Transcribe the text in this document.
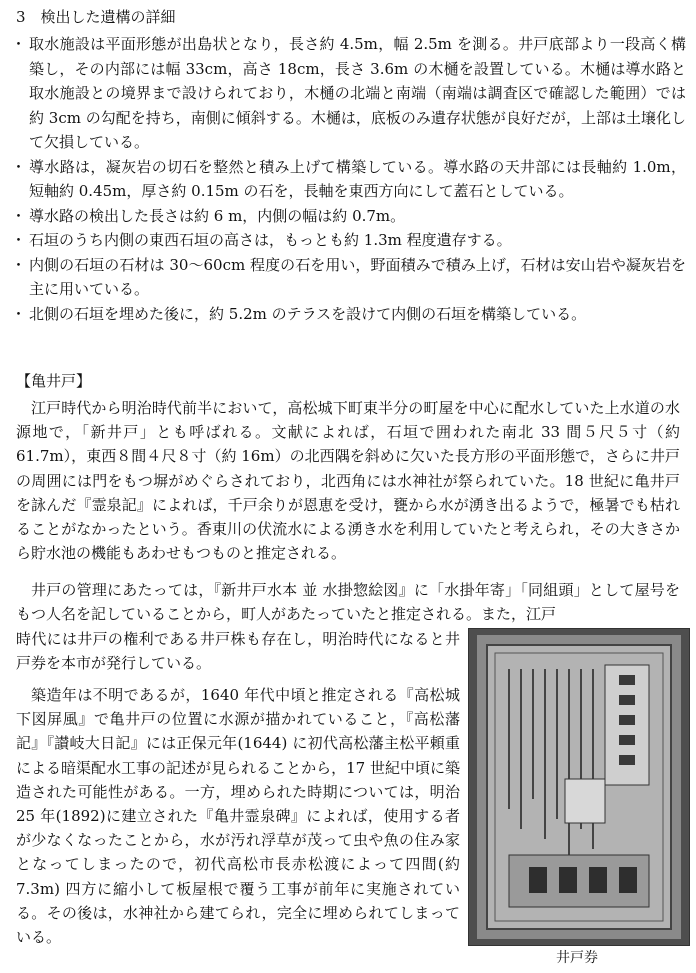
3　検出した遺構の詳細
・ 取水施設は平面形態が出島状となり，長さ約 4.5m，幅 2.5m を測る。井戸底部より一段高く構築し，その内部には幅 33cm，高さ 18cm，長さ 3.6m の木樋を設置している。木樋は導水路と取水施設との境界まで設けられており，木樋の北端と南端（南端は調査区で確認した範囲）では約 3cm の勾配を持ち，南側に傾斜する。木樋は，底板のみ遺存状態が良好だが，上部は土壌化して欠損している。
・ 導水路は，凝灰岩の切石を整然と積み上げて構築している。導水路の天井部には長軸約 1.0m，短軸約 0.45m，厚さ約 0.15m の石を，長軸を東西方向にして蓋石としている。
・ 導水路の検出した長さは約 6 m，内側の幅は約 0.7m。
・ 石垣のうち内側の東西石垣の高さは，もっとも約 1.3m 程度遺存する。
・ 内側の石垣の石材は 30～60cm 程度の石を用い，野面積みで積み上げ，石材は安山岩や凝灰岩を主に用いている。
・ 北側の石垣を埋めた後に，約 5.2m のテラスを設けて内側の石垣を構築している。
【亀井戸】

江戸時代から明治時代前半において，高松城下町東半分の町屋を中心に配水していた上水道の水源地で，「新井戸」とも呼ばれる。文献によれば，石垣で囲われた南北 33 間５尺５寸（約 61.7m），東西８間４尺８寸（約 16m）の北西隅を斜めに欠いた長方形の平面形態で，さらに井戸の周囲には門をもつ塀がめぐらされており，北西角には水神社が祭られていた。18 世紀に亀井戸を詠んだ『霊泉記』によれば，千戸余りが恩恵を受け，甕から水が湧き出るようで，極暑でも枯れることがなかったという。香東川の伏流水による湧き水を利用していたと考えられ，その大きさから貯水池の機能もあわせもつものと推定される。

井戸の管理にあたっては，『新井戸水本 並 水掛惣絵図』に「水掛年寄」「同組頭」として屋号をもつ人名を記していることから，町人があたっていたと推定される。また，江戸

時代には井戸の権利である井戸株も存在し，明治時代になると井戸券を本市が発行している。

築造年は不明であるが，1640 年代中頃と推定される『高松城下図屏風』で亀井戸の位置に水源が描かれていること，『高松藩記』『讃岐大日記』には正保元年(1644) に初代高松藩主松平頼重による暗渠配水工事の記述が見られることから，17 世紀中頃に築造された可能性がある。一方，埋められた時期については，明治 25 年(1892)に建立された『亀井霊泉碑』によれば，使用する者が少なくなったことから，水が汚れ浮草が茂って虫や魚の住み家となってしまったので，初代高松市長赤松渡によって四間(約 7.3m) 四方に縮小して板屋根で覆う工事が前年に実施されている。その後は，水神社から建てられ，完全に埋められてしまっている。

井戸券
